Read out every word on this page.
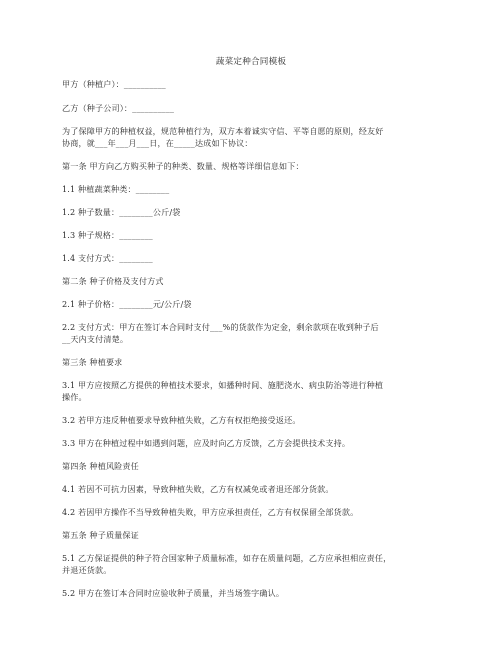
蔬菜定种合同模板
甲方（种植户）：__________
乙方（种子公司）：__________
为了保障甲方的种植权益，规范种植行为，双方本着诚实守信、平等自愿的原则，经友好
协商，就___年___月___日，在_____达成如下协议：
第一条 甲方向乙方购买种子的种类、数量、规格等详细信息如下：
1.1 种植蔬菜种类：________
1.2 种子数量：________公斤/袋
1.3 种子规格：________
1.4 支付方式：________
第二条 种子价格及支付方式
2.1 种子价格：________元/公斤/袋
2.2 支付方式：甲方在签订本合同时支付___%的货款作为定金，剩余款项在收到种子后
__天内支付清楚。
第三条 种植要求
3.1 甲方应按照乙方提供的种植技术要求，如播种时间、施肥浇水、病虫防治等进行种植
操作。
3.2 若甲方违反种植要求导致种植失败，乙方有权拒绝接受返还。
3.3 甲方在种植过程中如遇到问题，应及时向乙方反馈，乙方会提供技术支持。
第四条 种植风险责任
4.1 若因不可抗力因素，导致种植失败，乙方有权减免或者退还部分货款。
4.2 若因甲方操作不当导致种植失败，甲方应承担责任，乙方有权保留全部货款。
第五条 种子质量保证
5.1 乙方保证提供的种子符合国家种子质量标准，如存在质量问题，乙方应承担相应责任，
并退还货款。
5.2 甲方在签订本合同时应验收种子质量，并当场签字确认。
